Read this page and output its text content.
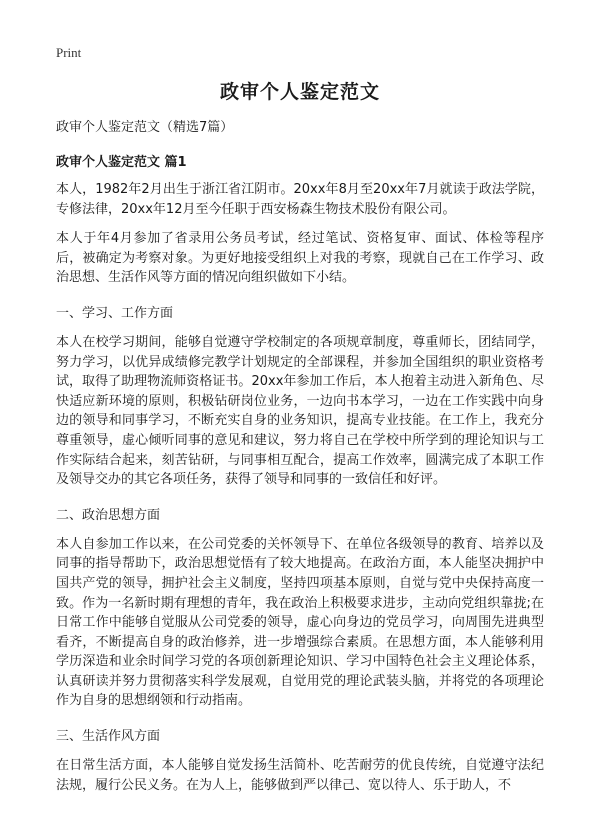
Print
政审个人鉴定范文

政审个人鉴定范文（精选7篇）

政审个人鉴定范文 篇1

本人，1982年2月出生于浙江省江阴市。20xx年8月至20xx年7月就读于政法学院，专修法律，20xx年12月至今任职于西安杨森生物技术股份有限公司。

本人于年4月参加了省录用公务员考试，经过笔试、资格复审、面试、体检等程序后，被确定为考察对象。为更好地接受组织上对我的考察，现就自己在工作学习、政治思想、生活作风等方面的情况向组织做如下小结。

一、学习、工作方面

本人在校学习期间，能够自觉遵守学校制定的各项规章制度，尊重师长，团结同学，努力学习，以优异成绩修完教学计划规定的全部课程，并参加全国组织的职业资格考试，取得了助理物流师资格证书。20xx年参加工作后，本人抱着主动进入新角色、尽快适应新环境的原则，积极钻研岗位业务，一边向书本学习，一边在工作实践中向身边的领导和同事学习，不断充实自身的业务知识，提高专业技能。在工作上，我充分尊重领导，虚心倾听同事的意见和建议，努力将自己在学校中所学到的理论知识与工作实际结合起来，刻苦钻研，与同事相互配合，提高工作效率，圆满完成了本职工作及领导交办的其它各项任务，获得了领导和同事的一致信任和好评。

二、政治思想方面

本人自参加工作以来，在公司党委的关怀领导下、在单位各级领导的教育、培养以及同事的指导帮助下，政治思想觉悟有了较大地提高。在政治方面，本人能坚决拥护中国共产党的领导，拥护社会主义制度，坚持四项基本原则，自觉与党中央保持高度一致。作为一名新时期有理想的青年，我在政治上积极要求进步，主动向党组织靠拢;在日常工作中能够自觉服从公司党委的领导，虚心向身边的党员学习，向周围先进典型看齐，不断提高自身的政治修养，进一步增强综合素质。在思想方面，本人能够利用学历深造和业余时间学习党的各项创新理论知识、学习中国特色社会主义理论体系，认真研读并努力贯彻落实科学发展观，自觉用党的理论武装头脑，并将党的各项理论作为自身的思想纲领和行动指南。

三、生活作风方面

在日常生活方面，本人能够自觉发扬生活简朴、吃苦耐劳的优良传统，自觉遵守法纪法规，履行公民义务。在为人上，能够做到严以律己、宽以待人、乐于助人，不
